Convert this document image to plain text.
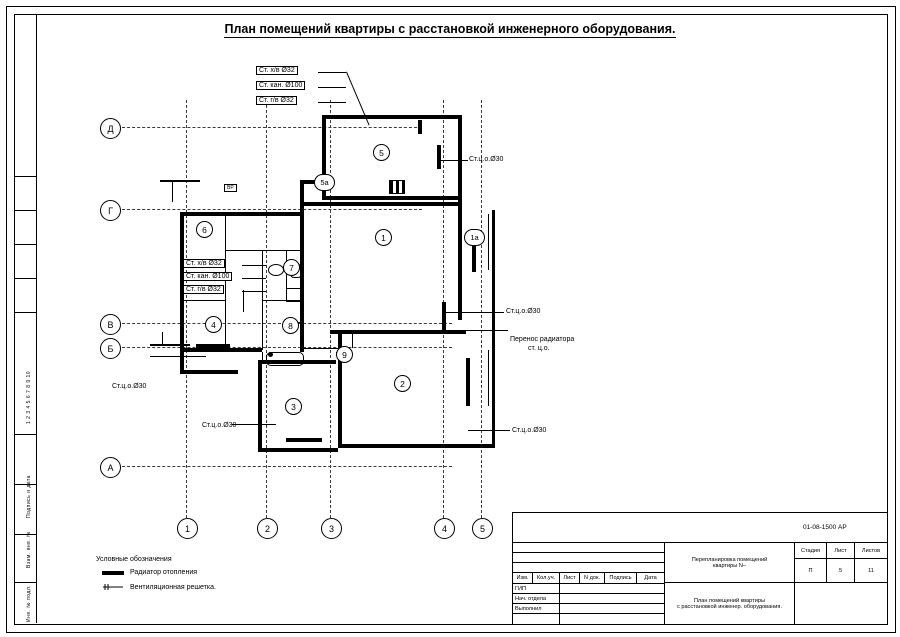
1 2 3 4 5 6 7 8 9 10
Взам. инв. №
Подпись и дата
Инв. № подл.
План помещений квартиры с расстановкой инженерного оборудования.
Д
Г
В
Б
А
1	2	3	4	5
5
5а
1	1а
6
7
8
4
9
2
3
Ст. х/в Ø32
Ст. кан. Ø100
Ст. г/в Ø32
Ст. х/в Ø32
Ст. кан. Ø100
Ст. г/в Ø32
Ст.ц.о.Ø30
Ст.ц.о.Ø30
Перенос радиатора
ст. ц.о.
Ст.ц.о.Ø30
Ст.ц.о.Ø30
Ст.ц.о.Ø30
ВР
Условные обозначения
Радиатор отопления
Вентиляционная решетка.
01-08-1500 АР
Изм.	Кол.уч.	Лист	N док.	Подпись	Дата
ГИП
Нач. отдела
Выполнил
Перепланировка помещений
квартиры N–
План помещений квартиры
с расстановкой инженер. оборудования.
Стадия	Лист	Листов
П	5	11
